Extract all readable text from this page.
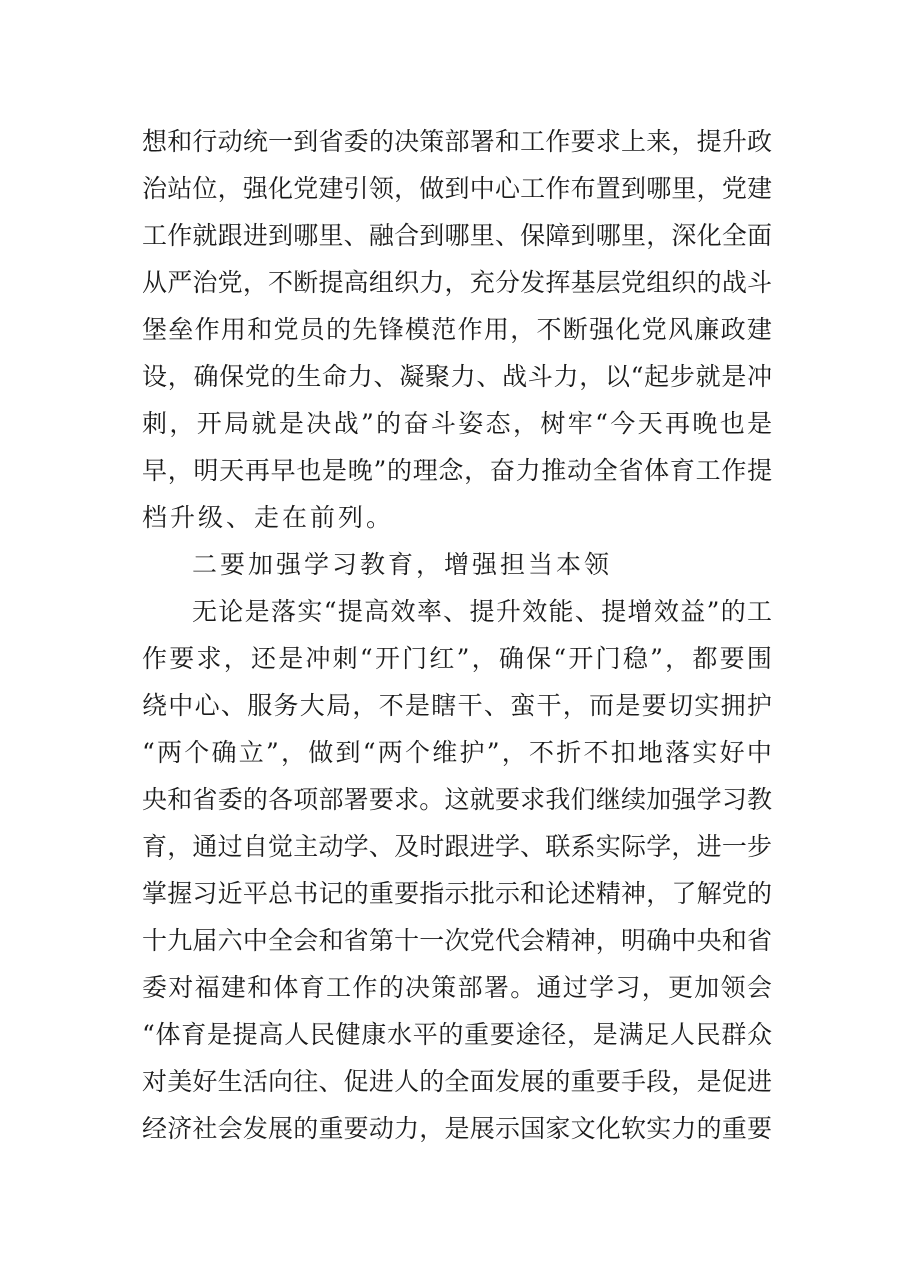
想和行动统一到省委的决策部署和工作要求上来，提升政
治站位，强化党建引领，做到中心工作布置到哪里，党建
工作就跟进到哪里、融合到哪里、保障到哪里，深化全面
从严治党，不断提高组织力，充分发挥基层党组织的战斗
堡垒作用和党员的先锋模范作用，不断强化党风廉政建
设，确保党的生命力、凝聚力、战斗力，以“起步就是冲
刺，开局就是决战”的奋斗姿态，树牢“今天再晚也是
早，明天再早也是晚”的理念，奋力推动全省体育工作提
档升级、走在前列。
二要加强学习教育，增强担当本领
无论是落实“提高效率、提升效能、提增效益”的工
作要求，还是冲刺“开门红”，确保“开门稳”，都要围
绕中心、服务大局，不是瞎干、蛮干，而是要切实拥护
“两个确立”，做到“两个维护”，不折不扣地落实好中
央和省委的各项部署要求。这就要求我们继续加强学习教
育，通过自觉主动学、及时跟进学、联系实际学，进一步
掌握习近平总书记的重要指示批示和论述精神，了解党的
十九届六中全会和省第十一次党代会精神，明确中央和省
委对福建和体育工作的决策部署。通过学习，更加领会
“体育是提高人民健康水平的重要途径，是满足人民群众
对美好生活向往、促进人的全面发展的重要手段，是促进
经济社会发展的重要动力，是展示国家文化软实力的重要
